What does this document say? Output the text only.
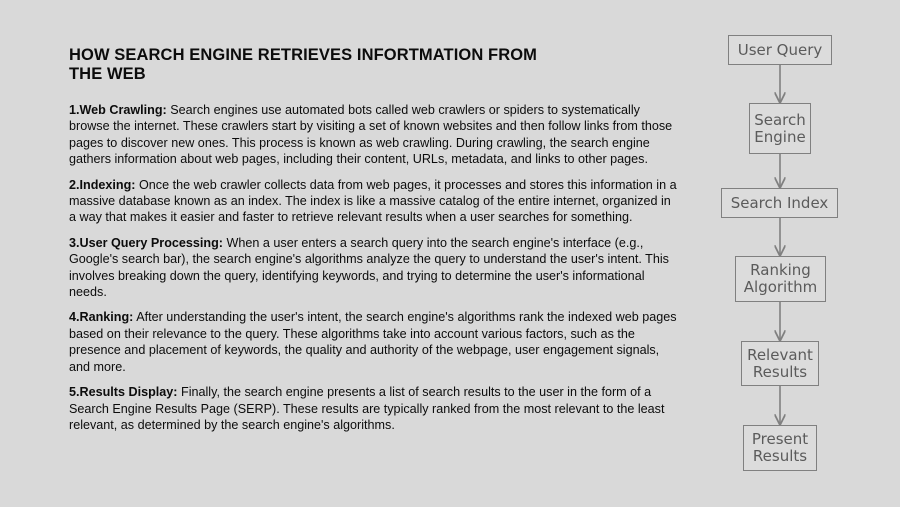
HOW SEARCH ENGINE RETRIEVES INFORTMATION FROM THE WEB

1.Web Crawling: Search engines use automated bots called web crawlers or spiders to systematically browse the internet. These crawlers start by visiting a set of known websites and then follow links from those pages to discover new ones. This process is known as web crawling. During crawling, the search engine gathers information about web pages, including their content, URLs, metadata, and links to other pages.

2.Indexing: Once the web crawler collects data from web pages, it processes and stores this information in a massive database known as an index. The index is like a massive catalog of the entire internet, organized in a way that makes it easier and faster to retrieve relevant results when a user searches for something.

3.User Query Processing: When a user enters a search query into the search engine's interface (e.g., Google's search bar), the search engine's algorithms analyze the query to understand the user's intent. This involves breaking down the query, identifying keywords, and trying to determine the user's informational needs.

4.Ranking: After understanding the user's intent, the search engine's algorithms rank the indexed web pages based on their relevance to the query. These algorithms take into account various factors, such as the presence and placement of keywords, the quality and authority of the webpage, user engagement signals, and more.

5.Results Display: Finally, the search engine presents a list of search results to the user in the form of a Search Engine Results Page (SERP). These results are typically ranked from the most relevant to the least relevant, as determined by the search engine's algorithms.

User Query
Search
Engine
Search Index
Ranking
Algorithm
Relevant
Results
Present
Results
